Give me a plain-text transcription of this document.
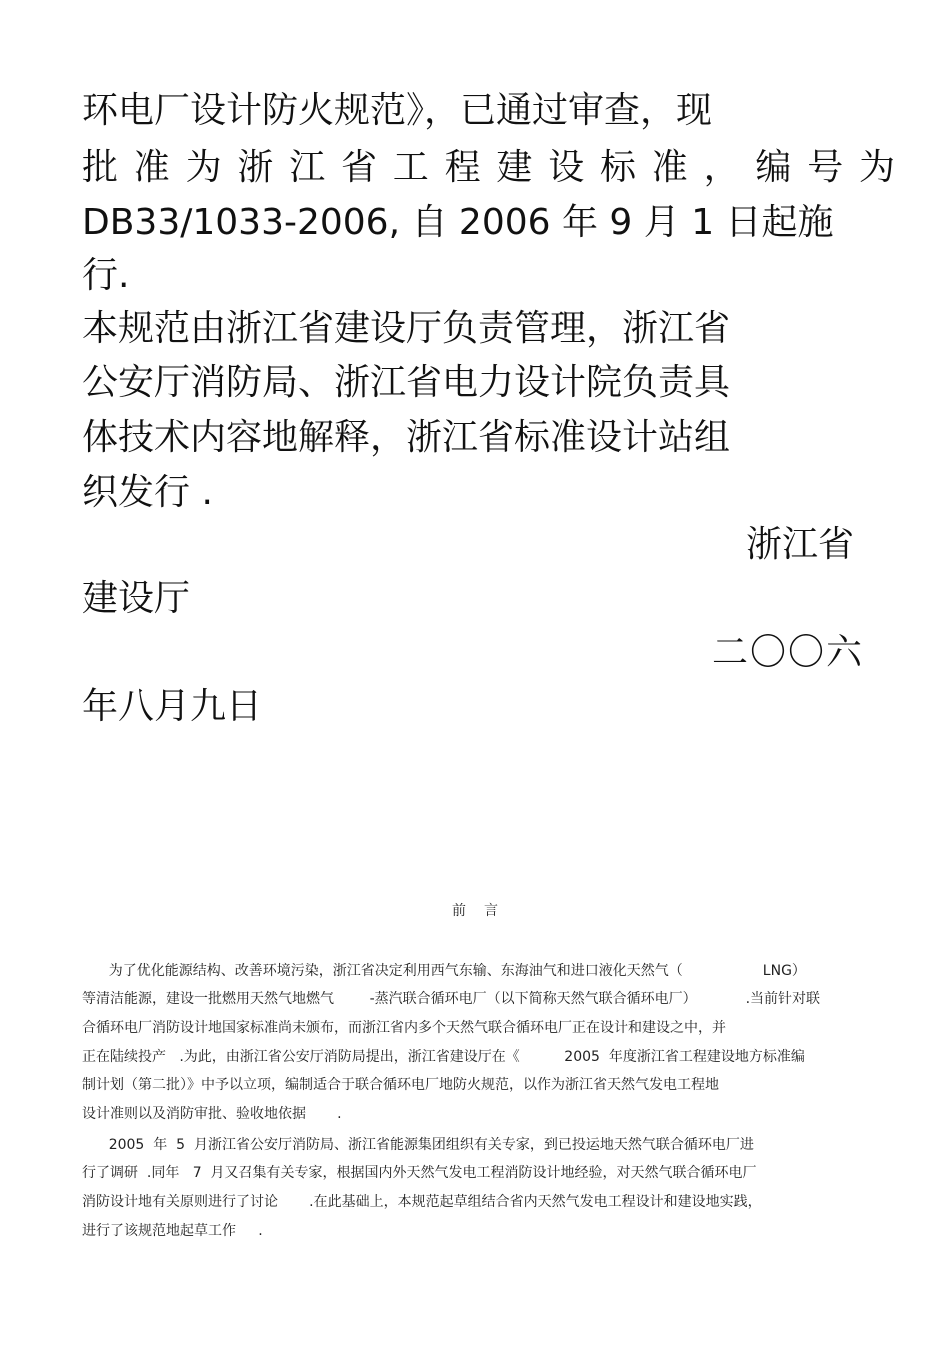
环电厂设计防火规范》，已通过审查，现
批准为浙江省工程建设标准，编号为
DB33/1033-2006, 自 2006 年 9 月 1 日起施
行.
本规范由浙江省建设厅负责管理，浙江省
公安厅消防局、浙江省电力设计院负责具
体技术内容地解释，浙江省标准设计站组
织发行 .
浙江省
建设厅
二〇〇六
年八月九日
前言
为了优化能源结构、改善环境污染，浙江省决定利用西气东输、东海油气和进口液化天然气（                  LNG）
等清洁能源，建设一批燃用天然气地燃气        -蒸汽联合循环电厂（以下简称天然气联合循环电厂）           .当前针对联
合循环电厂消防设计地国家标准尚未颁布，而浙江省内多个天然气联合循环电厂正在设计和建设之中，并
正在陆续投产   .为此，由浙江省公安厅消防局提出，浙江省建设厅在《          2005  年度浙江省工程建设地方标准编
制计划（第二批）》中予以立项，编制适合于联合循环电厂地防火规范，以作为浙江省天然气发电工程地
设计准则以及消防审批、验收地依据       .
2005  年  5  月浙江省公安厅消防局、浙江省能源集团组织有关专家，到已投运地天然气联合循环电厂进
行了调研  .同年   7  月又召集有关专家，根据国内外天然气发电工程消防设计地经验，对天然气联合循环电厂
消防设计地有关原则进行了讨论       .在此基础上，本规范起草组结合省内天然气发电工程设计和建设地实践，
进行了该规范地起草工作     .
